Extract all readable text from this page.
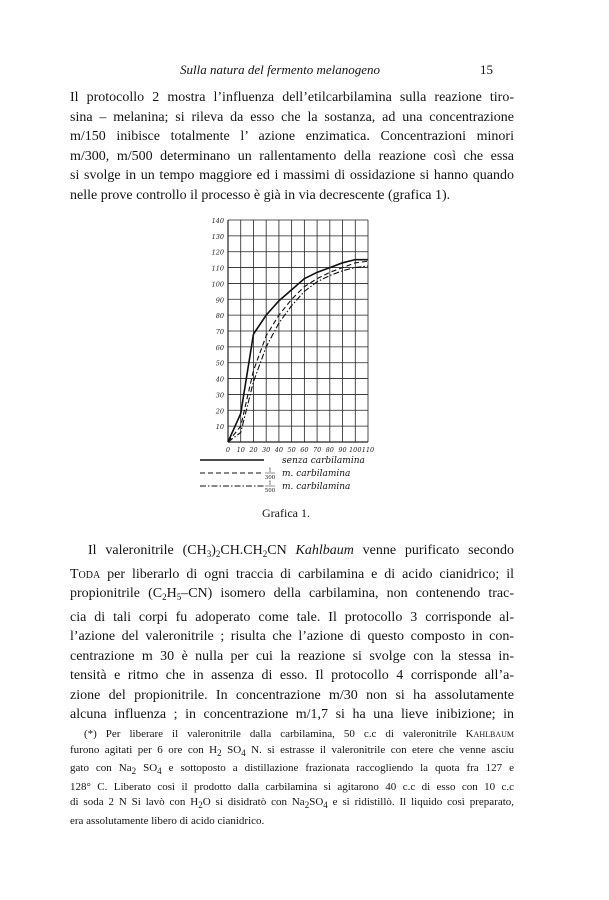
Sulla natura del fermento melanogeno	15
Il protocollo 2 mostra l’influenza dell’etilcarbilamina sulla reazione tiro-
sina – melanina; si rileva da esso che la sostanza, ad una concentrazione
m/150 inibisce totalmente l’ azione enzimatica. Concentrazioni minori
m/300, m/500 determinano un rallentamento della reazione così che essa
si svolge in un tempo maggiore ed i massimi di ossidazione si hanno quando
nelle prove controllo il processo è già in via decrescente (grafica 1).
10
20
30
40
50
60
70
80
90
100
110
120
130
140
0 10 20 30 40 50 60 70 80 90 100 110
senza carbilamina
1
300 m. carbilamina
1
500 m. carbilamina
Grafica 1.
Il valeronitrile $(CH_3)_2CH.CH_2CN$ Kahlbaum venne purificato secondo
Toda per liberarlo di ogni traccia di carbilamina e di acido cianidrico; il
propionitrile $(C_2H_5-CN)$ isomero della carbilamina, non contenendo trac-
cia di tali corpi fu adoperato come tale. Il protocollo 3 corrisponde al-
l’azione del valeronitrile ; risulta che l’azione di questo composto in con-
centrazione m 30 è nulla per cui la reazione si svolge con la stessa in-
tensità e ritmo che in assenza di esso. Il protocollo 4 corrisponde all’a-
zione del propionitrile. In concentrazione m/30 non si ha assolutamente
alcuna influenza ; in concentrazione m/1,7 si ha una lieve inibizione; in
(*) Per liberare il valeronitrile dalla carbilamina, 50 c.c di valeronitrile Kahlbaum
furono agitati per 6 ore con $H_2$ $SO_4$ N. si estrasse il valeronitrile con etere che venne asciu
gato con $Na_2$ $SO_4$ e sottoposto a distillazione frazionata raccogliendo la quota fra 127 e
128° C. Liberato così il prodotto dalla carbilamina si agitarono 40 c.c di esso con 10 c.c
di soda 2 N Si lavò con $H_2O$ si disidratò con $Na_2SO_4$ e si ridistillò. Il liquido così preparato,
era assolutamente libero di acido cianidrico.
